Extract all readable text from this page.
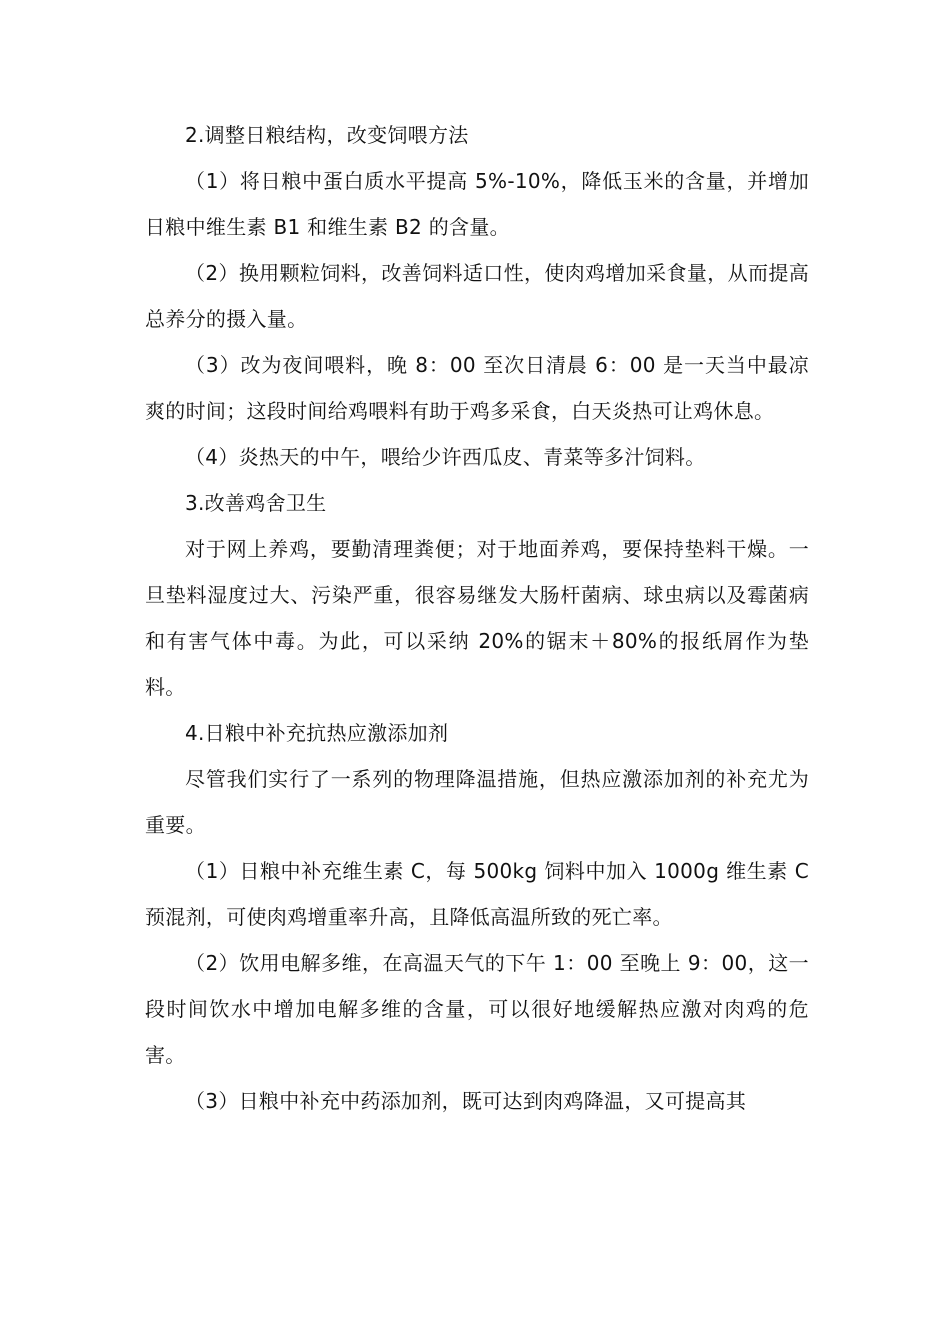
2.调整日粮结构，改变饲喂方法

（1）将日粮中蛋白质水平提高 5%-10%，降低玉米的含量，并增加日粮中维生素 B1 和维生素 B2 的含量。

（2）换用颗粒饲料，改善饲料适口性，使肉鸡增加采食量，从而提高总养分的摄入量。

（3）改为夜间喂料，晚 8：00 至次日清晨 6：00 是一天当中最凉爽的时间；这段时间给鸡喂料有助于鸡多采食，白天炎热可让鸡休息。

（4）炎热天的中午，喂给少许西瓜皮、青菜等多汁饲料。

3.改善鸡舍卫生

对于网上养鸡，要勤清理粪便；对于地面养鸡，要保持垫料干燥。一旦垫料湿度过大、污染严重，很容易继发大肠杆菌病、球虫病以及霉菌病和有害气体中毒。为此，可以采纳 20%的锯末＋80%的报纸屑作为垫料。

4.日粮中补充抗热应激添加剂

尽管我们实行了一系列的物理降温措施，但热应激添加剂的补充尤为重要。

（1）日粮中补充维生素 C，每 500kg 饲料中加入 1000g 维生素 C 预混剂，可使肉鸡增重率升高，且降低高温所致的死亡率。

（2）饮用电解多维，在高温天气的下午 1：00 至晚上 9：00，这一段时间饮水中增加电解多维的含量，可以很好地缓解热应激对肉鸡的危害。

（3）日粮中补充中药添加剂，既可达到肉鸡降温，又可提高其
